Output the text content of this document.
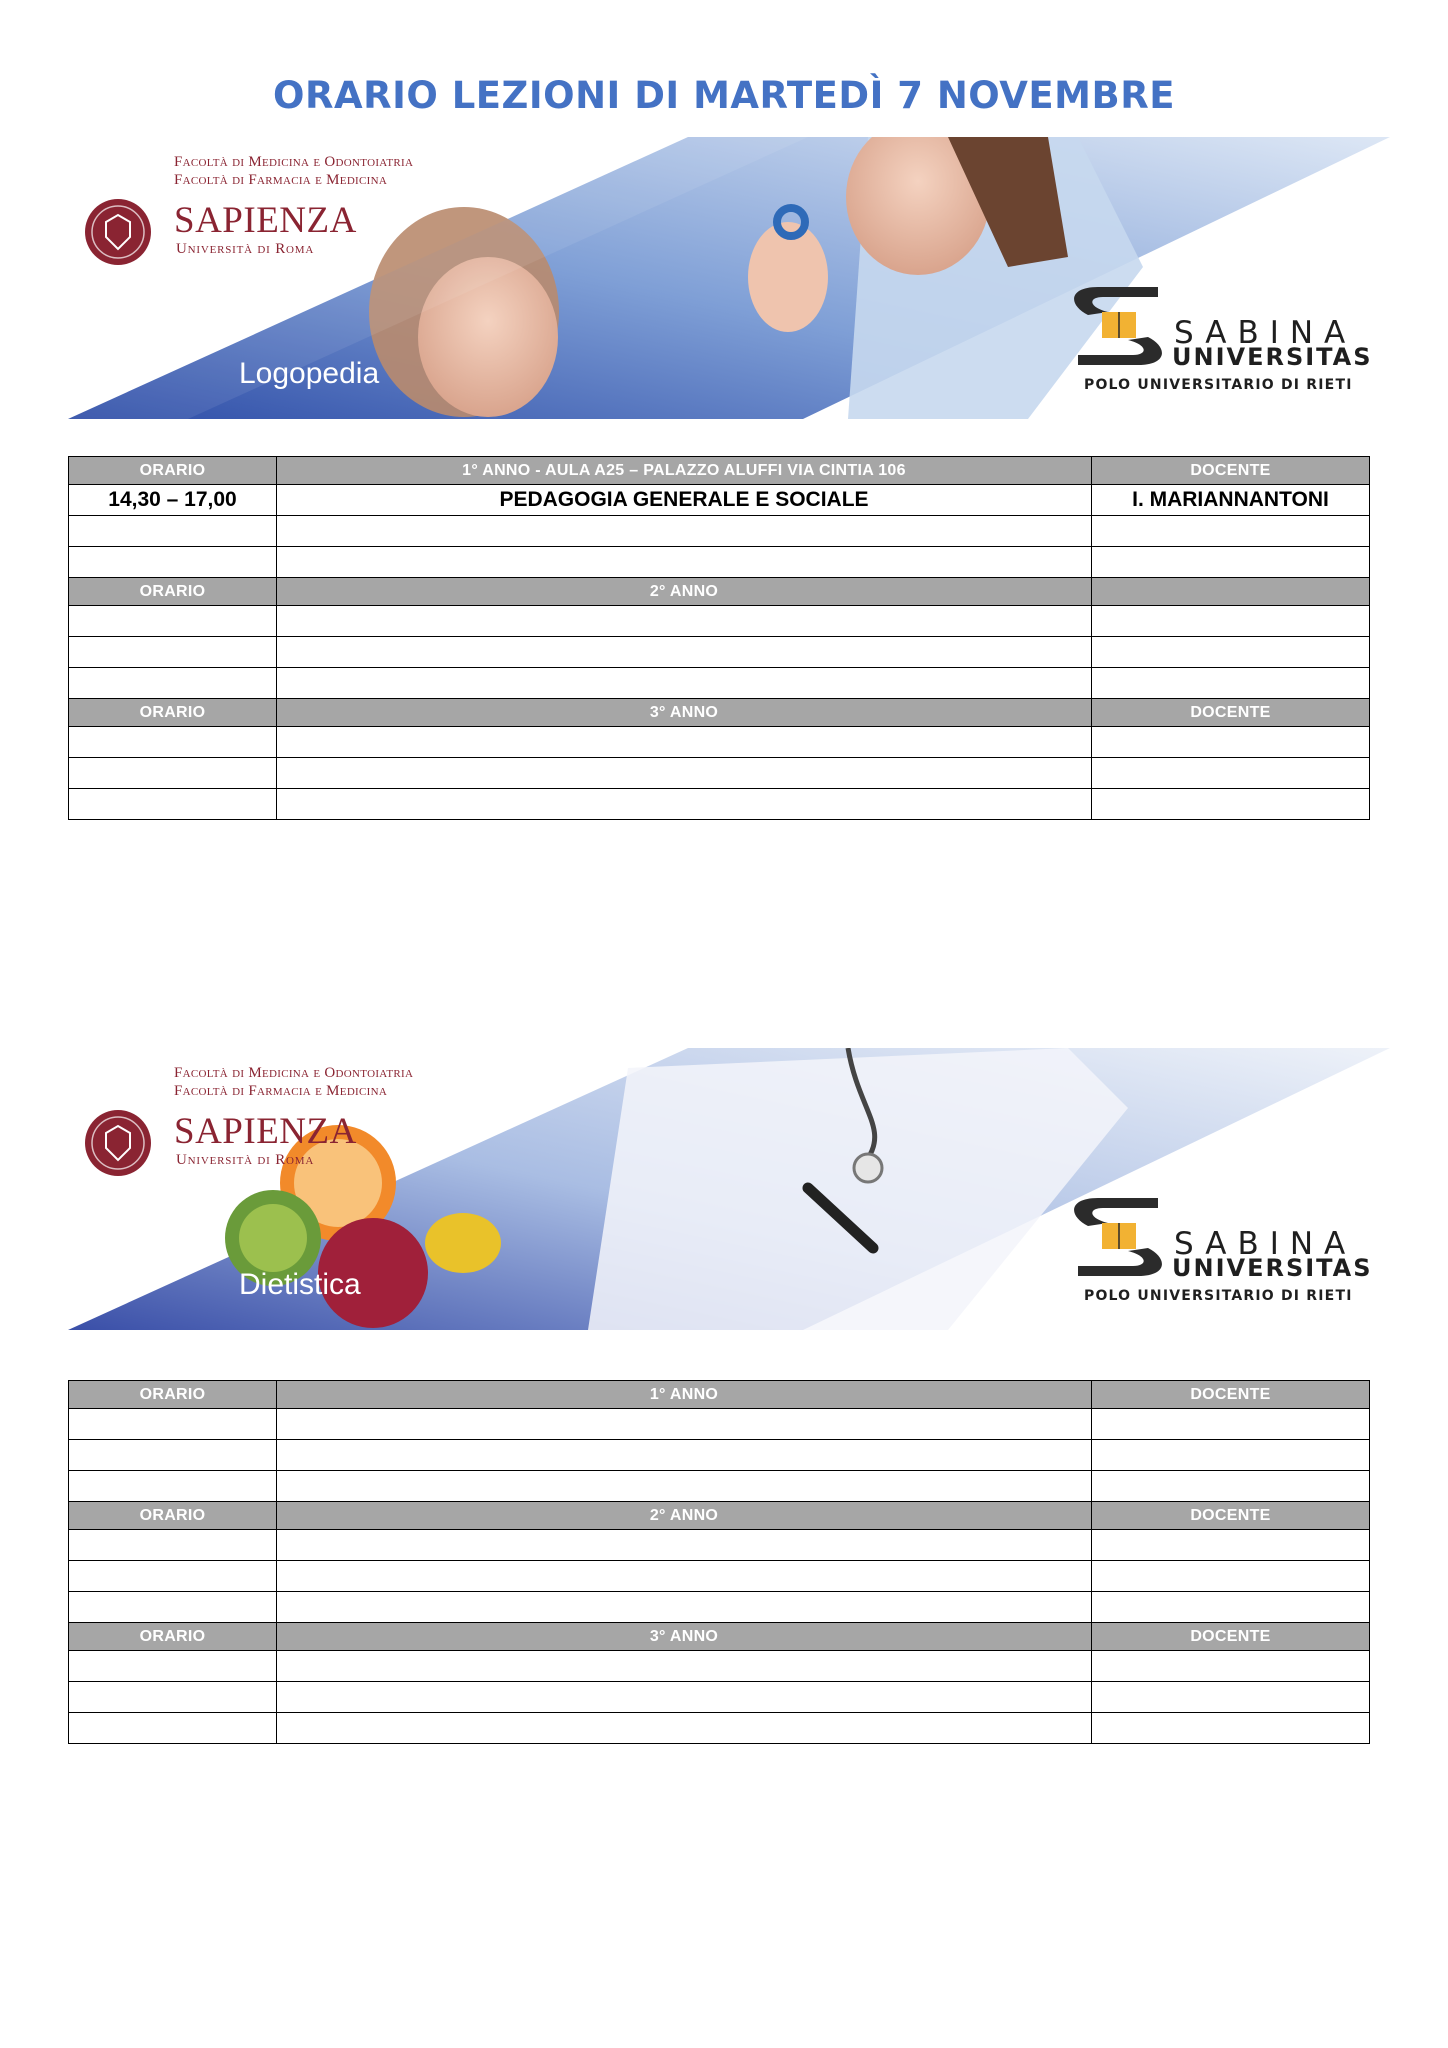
ORARIO LEZIONI DI MARTEDÌ 7 NOVEMBRE
Facoltà di Medicina e Odontoiatria
Facoltà di Farmacia e Medicina
SAPIENZA
Università di Roma
Logopedia
SABINA
UNIVERSITAS
POLO UNIVERSITARIO DI RIETI
ORARIO	1° ANNO - AULA A25 – PALAZZO ALUFFI VIA CINTIA 106	DOCENTE
14,30 – 17,00	PEDAGOGIA GENERALE E SOCIALE	I. MARIANNANTONI

ORARIO	2° ANNO	

ORARIO	3° ANNO	DOCENTE

Facoltà di Medicina e Odontoiatria
Facoltà di Farmacia e Medicina
SAPIENZA
Università di Roma
Dietistica
SABINA
UNIVERSITAS
POLO UNIVERSITARIO DI RIETI
ORARIO	1° ANNO	DOCENTE

ORARIO	2° ANNO	DOCENTE

ORARIO	3° ANNO	DOCENTE
